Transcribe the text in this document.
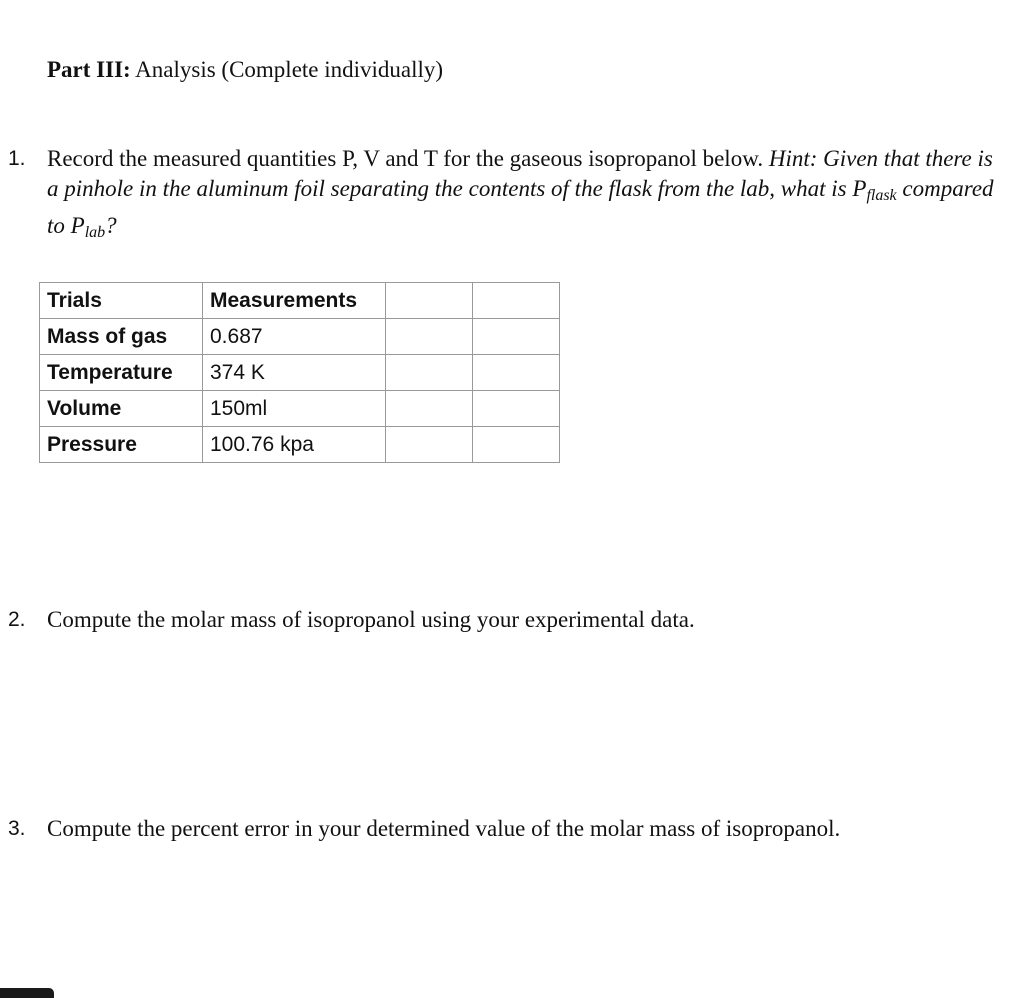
Part III: Analysis (Complete individually)
1. Record the measured quantities P, V and T for the gaseous isopropanol below. Hint: Given that there is a pinhole in the aluminum foil separating the contents of the flask from the lab, what is $P_{flask}$ compared to $P_{lab}$?
Trials	Measurements		
Mass of gas	0.687		
Temperature	374 K		
Volume	150ml		
Pressure	100.76 kpa		
2. Compute the molar mass of isopropanol using your experimental data.
3. Compute the percent error in your determined value of the molar mass of isopropanol.
